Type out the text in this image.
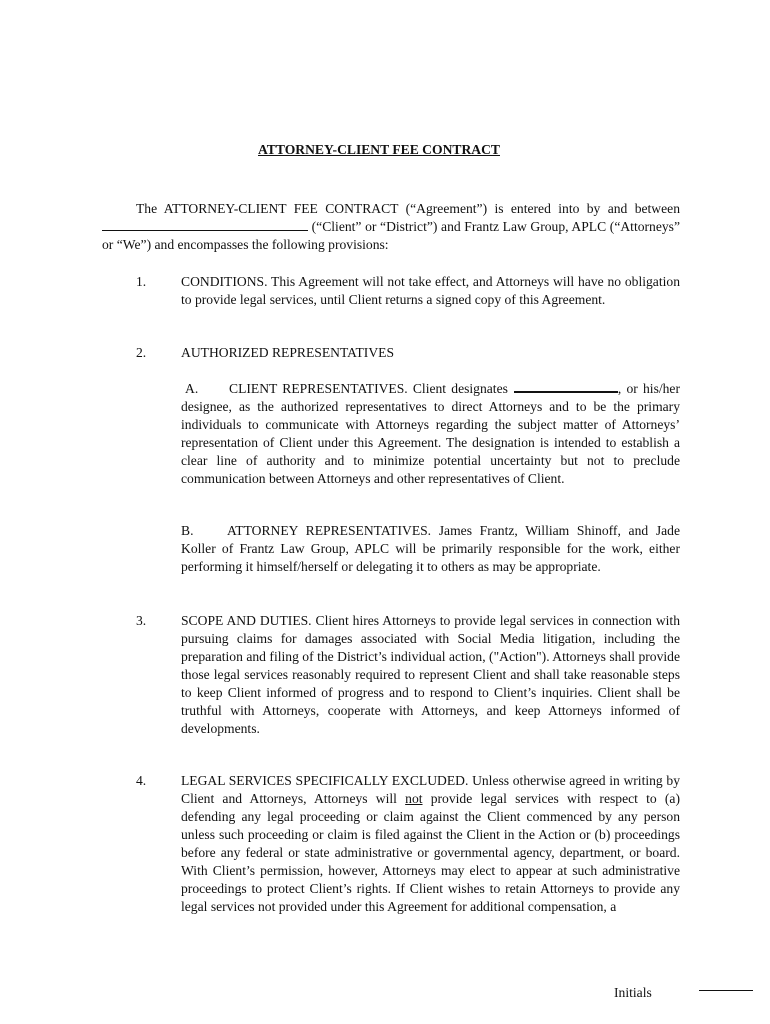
ATTORNEY-CLIENT FEE CONTRACT

The ATTORNEY-CLIENT FEE CONTRACT (“Agreement”) is entered into by and between  (“Client” or “District”) and Frantz Law Group, APLC (“Attorneys” or “We”) and encompasses the following provisions:

1.	CONDITIONS. This Agreement will not take effect, and Attorneys will have no obligation to provide legal services, until Client returns a signed copy of this Agreement.
2.	AUTHORIZED REPRESENTATIVES

A. CLIENT REPRESENTATIVES. Client designates	, or his/her designee, as the authorized representatives to direct Attorneys and to be the primary individuals to communicate with Attorneys regarding the subject matter of Attorneys’ representation of Client under this Agreement. The designation is intended to establish a clear line of authority and to minimize potential uncertainty but not to preclude communication between Attorneys and other representatives of Client.

B. ATTORNEY REPRESENTATIVES. James Frantz, William Shinoff, and Jade Koller of Frantz Law Group, APLC will be primarily responsible for the work, either performing it himself/herself or delegating it to others as may be appropriate.

3.	SCOPE AND DUTIES. Client hires Attorneys to provide legal services in connection with pursuing claims for damages associated with Social Media litigation, including the preparation and filing of the District’s individual action, ("Action"). Attorneys shall provide those legal services reasonably required to represent Client and shall take reasonable steps to keep Client informed of progress and to respond to Client’s inquiries. Client shall be truthful with Attorneys, cooperate with Attorneys, and keep Attorneys informed of developments.
4.	LEGAL SERVICES SPECIFICALLY EXCLUDED. Unless otherwise agreed in writing by Client and Attorneys, Attorneys will not provide legal services with respect to (a) defending any legal proceeding or claim against the Client commenced by any person unless such proceeding or claim is filed against the Client in the Action or (b) proceedings before any federal or state administrative or governmental agency, department, or board. With Client’s permission, however, Attorneys may elect to appear at such administrative proceedings to protect Client’s rights. If Client wishes to retain Attorneys to provide any legal services not provided under this Agreement for additional compensation, a
Initials
